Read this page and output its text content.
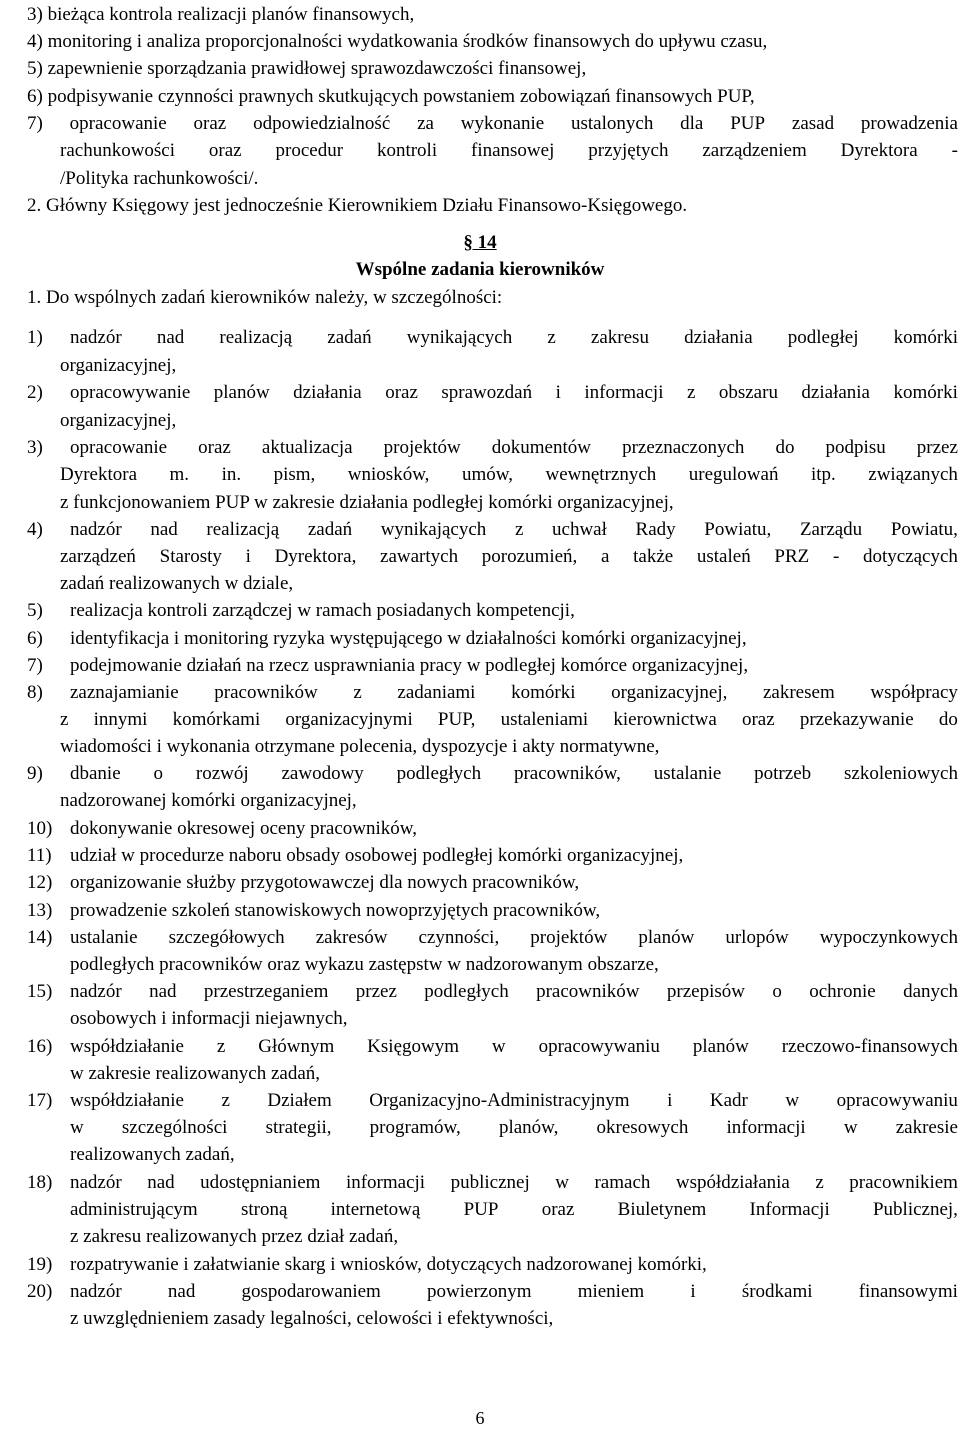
3) bieżąca kontrola realizacji planów finansowych,
4) monitoring i analiza proporcjonalności wydatkowania środków finansowych do upływu czasu,
5) zapewnienie sporządzania prawidłowej sprawozdawczości finansowej,
6) podpisywanie czynności prawnych skutkujących powstaniem zobowiązań finansowych PUP,
7) opracowanie oraz odpowiedzialność za wykonanie ustalonych dla PUP zasad prowadzenia
rachunkowości oraz procedur kontroli finansowej przyjętych zarządzeniem Dyrektora -
/Polityka rachunkowości/.
2. Główny Księgowy jest jednocześnie Kierownikiem Działu Finansowo-Księgowego.
§ 14
Wspólne zadania kierowników
1. Do wspólnych zadań kierowników należy, w szczególności:
1) nadzór nad realizacją zadań wynikających z zakresu działania podległej komórki
organizacyjnej,
2) opracowywanie planów działania oraz sprawozdań i informacji z obszaru działania komórki
organizacyjnej,
3) opracowanie oraz aktualizacja projektów dokumentów przeznaczonych do podpisu przez
Dyrektora m. in. pism, wniosków, umów, wewnętrznych uregulowań itp. związanych
z funkcjonowaniem PUP w zakresie działania podległej komórki organizacyjnej,
4) nadzór nad realizacją zadań wynikających z uchwał Rady Powiatu, Zarządu Powiatu,
zarządzeń Starosty i Dyrektora, zawartych porozumień, a także ustaleń PRZ - dotyczących
zadań realizowanych w dziale,
5) realizacja kontroli zarządczej w ramach posiadanych kompetencji,
6) identyfikacja i monitoring ryzyka występującego w działalności komórki organizacyjnej,
7) podejmowanie działań na rzecz usprawniania pracy w podległej komórce organizacyjnej,
8) zaznajamianie pracowników z zadaniami komórki organizacyjnej, zakresem współpracy
z innymi komórkami organizacyjnymi PUP, ustaleniami kierownictwa oraz przekazywanie do
wiadomości i wykonania otrzymane polecenia, dyspozycje i akty normatywne,
9) dbanie o rozwój zawodowy podległych pracowników, ustalanie potrzeb szkoleniowych
nadzorowanej komórki organizacyjnej,
10) dokonywanie okresowej oceny pracowników,
11) udział w procedurze naboru obsady osobowej podległej komórki organizacyjnej,
12) organizowanie służby przygotowawczej dla nowych pracowników,
13) prowadzenie szkoleń stanowiskowych nowoprzyjętych pracowników,
14) ustalanie szczegółowych zakresów czynności, projektów planów urlopów wypoczynkowych
podległych pracowników oraz wykazu zastępstw w nadzorowanym obszarze,
15) nadzór nad przestrzeganiem przez podległych pracowników przepisów o ochronie danych
osobowych i informacji niejawnych,
16) współdziałanie z Głównym Księgowym w opracowywaniu planów rzeczowo-finansowych
w zakresie realizowanych zadań,
17) współdziałanie z Działem Organizacyjno-Administracyjnym i Kadr w opracowywaniu
w szczególności strategii, programów, planów, okresowych informacji w zakresie
realizowanych zadań,
18) nadzór nad udostępnianiem informacji publicznej w ramach współdziałania z pracownikiem
administrującym stroną internetową PUP oraz Biuletynem Informacji Publicznej,
z zakresu realizowanych przez dział zadań,
19) rozpatrywanie i załatwianie skarg i wniosków, dotyczących nadzorowanej komórki,
20) nadzór nad gospodarowaniem powierzonym mieniem i środkami finansowymi
z uwzględnieniem zasady legalności, celowości i efektywności,
6
